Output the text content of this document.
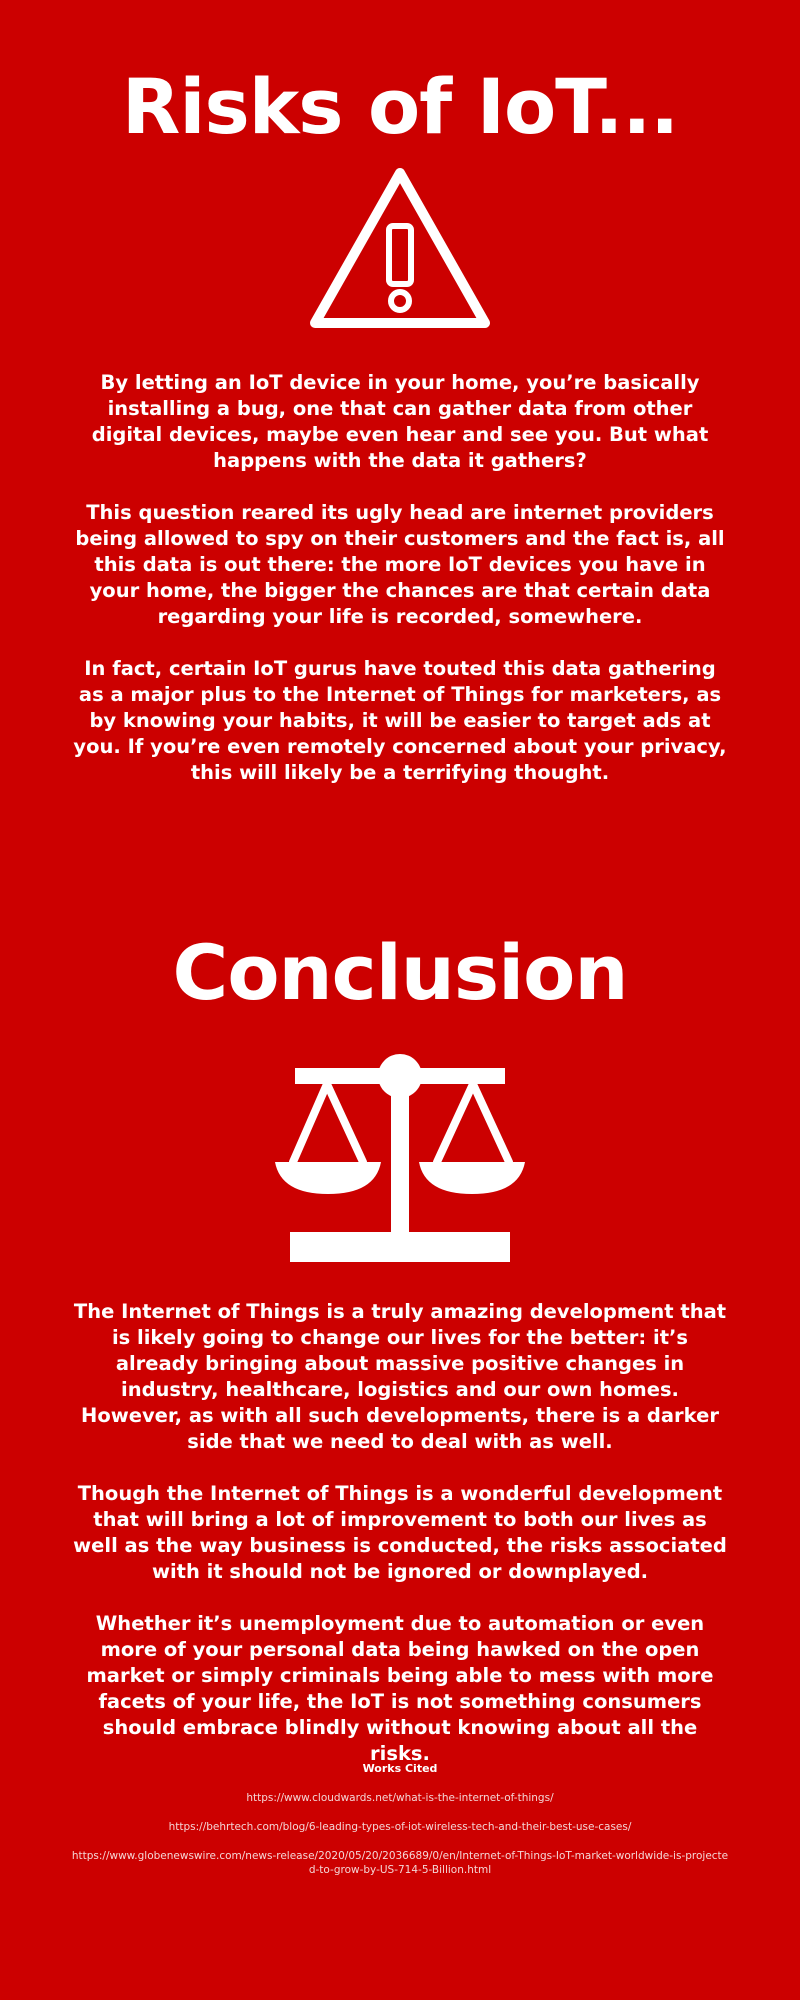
Risks of IoT...

By letting an IoT device in your home, you’re basically installing a bug, one that can gather data from other digital devices, maybe even hear and see you. But what happens with the data it gathers?

This question reared its ugly head are internet providers being allowed to spy on their customers and the fact is, all this data is out there: the more IoT devices you have in your home, the bigger the chances are that certain data regarding your life is recorded, somewhere.

In fact, certain IoT gurus have touted this data gathering as a major plus to the Internet of Things for marketers, as by knowing your habits, it will be easier to target ads at you. If you’re even remotely concerned about your privacy, this will likely be a terrifying thought.

Conclusion

The Internet of Things is a truly amazing development that is likely going to change our lives for the better: it’s already bringing about massive positive changes in industry, healthcare, logistics and our own homes. However, as with all such developments, there is a darker side that we need to deal with as well.

Though the Internet of Things is a wonderful development that will bring a lot of improvement to both our lives as well as the way business is conducted, the risks associated with it should not be ignored or downplayed.

Whether it’s unemployment due to automation or even more of your personal data being hawked on the open market or simply criminals being able to mess with more facets of your life, the IoT is not something consumers should embrace blindly without knowing about all the risks.

Works Cited

https://www.cloudwards.net/what-is-the-internet-of-things/

https://behrtech.com/blog/6-leading-types-of-iot-wireless-tech-and-their-best-use-cases/

https://www.globenewswire.com/news-release/2020/05/20/2036689/0/en/Internet-of-Things-IoT-market-worldwide-is-projected-to-grow-by-US-714-5-Billion.html
